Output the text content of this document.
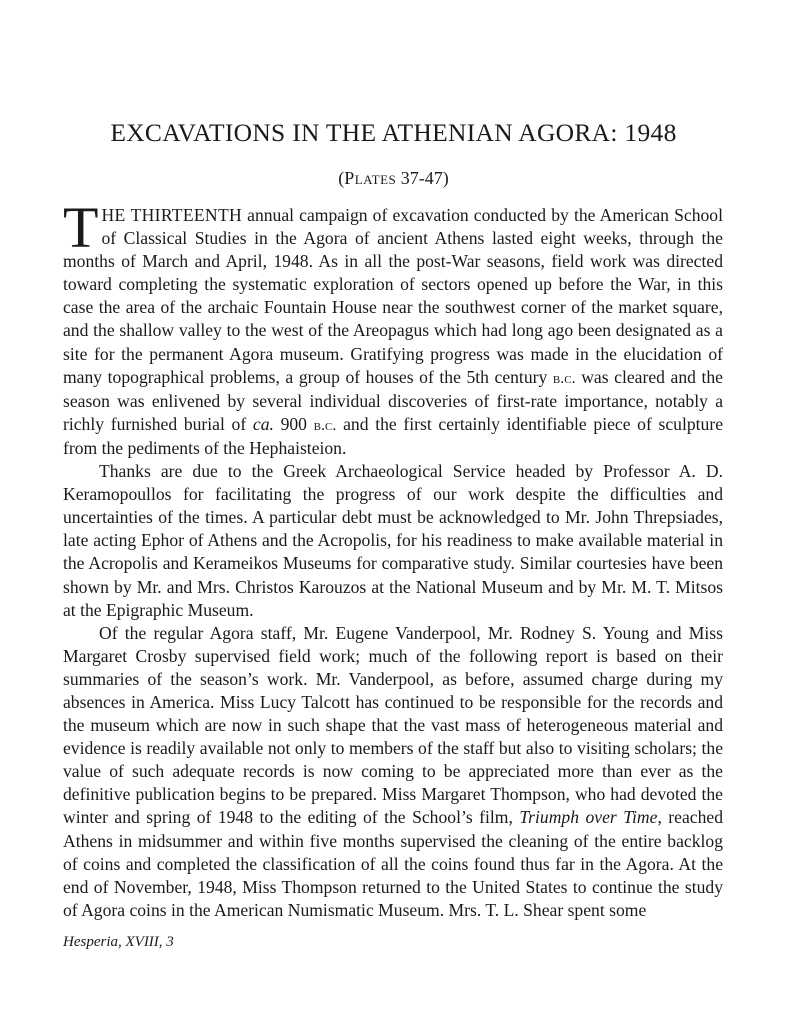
EXCAVATIONS IN THE ATHENIAN AGORA: 1948

(Plates 37-47)

THE THIRTEENTH annual campaign of excavation conducted by the American School of Classical Studies in the Agora of ancient Athens lasted eight weeks, through the months of March and April, 1948. As in all the post-War seasons, field work was directed toward completing the systematic exploration of sectors opened up before the War, in this case the area of the archaic Fountain House near the southwest corner of the market square, and the shallow valley to the west of the Areopagus which had long ago been designated as a site for the permanent Agora museum. Gratifying progress was made in the elucidation of many topographical problems, a group of houses of the 5th century b.c. was cleared and the season was enlivened by several individual discoveries of first-rate importance, notably a richly furnished burial of ca. 900 b.c. and the first certainly identifiable piece of sculpture from the pediments of the Hephaisteion.

Thanks are due to the Greek Archaeological Service headed by Professor A. D. Keramopoullos for facilitating the progress of our work despite the difficulties and uncertainties of the times. A particular debt must be acknowledged to Mr. John Threpsiades, late acting Ephor of Athens and the Acropolis, for his readiness to make available material in the Acropolis and Kerameikos Museums for comparative study. Similar courtesies have been shown by Mr. and Mrs. Christos Karouzos at the National Museum and by Mr. M. T. Mitsos at the Epigraphic Museum.

Of the regular Agora staff, Mr. Eugene Vanderpool, Mr. Rodney S. Young and Miss Margaret Crosby supervised field work; much of the following report is based on their summaries of the season’s work. Mr. Vanderpool, as before, assumed charge during my absences in America. Miss Lucy Talcott has continued to be responsible for the records and the museum which are now in such shape that the vast mass of heterogeneous material and evidence is readily available not only to members of the staff but also to visiting scholars; the value of such adequate records is now coming to be appreciated more than ever as the definitive publication begins to be prepared. Miss Margaret Thompson, who had devoted the winter and spring of 1948 to the editing of the School’s film, Triumph over Time, reached Athens in midsummer and within five months supervised the cleaning of the entire backlog of coins and completed the classification of all the coins found thus far in the Agora. At the end of November, 1948, Miss Thompson returned to the United States to continue the study of Agora coins in the American Numismatic Museum. Mrs. T. L. Shear spent some

Hesperia, XVIII, 3
